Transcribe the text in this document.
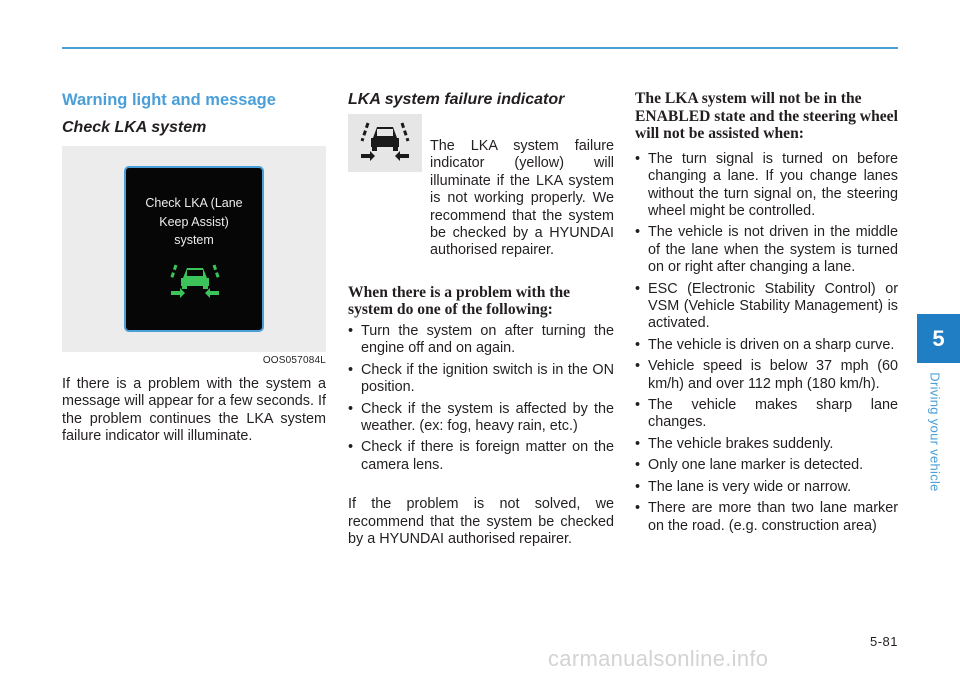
Warning light and message
Check LKA system
Check LKA (Lane
Keep Assist)
system
OOS057084L

If there is a problem with the system a message will appear for a few seconds. If the problem continues the LKA system failure indicator will illuminate.

LKA system failure indicator

The LKA system failure indicator (yellow) will illuminate if the LKA system is not working properly. We recommend that the system be checked by a HYUNDAI authorised repairer.

When there is a problem with the system do one of the following:
• Turn the system on after turning the engine off and on again.
• Check if the ignition switch is in the ON position.
• Check if the system is affected by the weather. (ex: fog, heavy rain, etc.)
• Check if there is foreign matter on the camera lens.

If the problem is not solved, we recommend that the system be checked by a HYUNDAI authorised repairer.

The LKA system will not be in the ENABLED state and the steering wheel will not be assisted when:
• The turn signal is turned on before changing a lane. If you change lanes without the turn signal on, the steering wheel might be controlled.
• The vehicle is not driven in the middle of the lane when the system is turned on or right after changing a lane.
• ESC (Electronic Stability Control) or VSM (Vehicle Stability Management) is activated.
• The vehicle is driven on a sharp curve.
• Vehicle speed is below 37 mph (60 km/h) and over 112 mph (180 km/h).
• The vehicle makes sharp lane changes.
• The vehicle brakes suddenly.
• Only one lane marker is detected.
• The lane is very wide or narrow.
• There are more than two lane marker on the road. (e.g. construction area)
5
Driving your vehicle
5-81
carmanualsonline.info
